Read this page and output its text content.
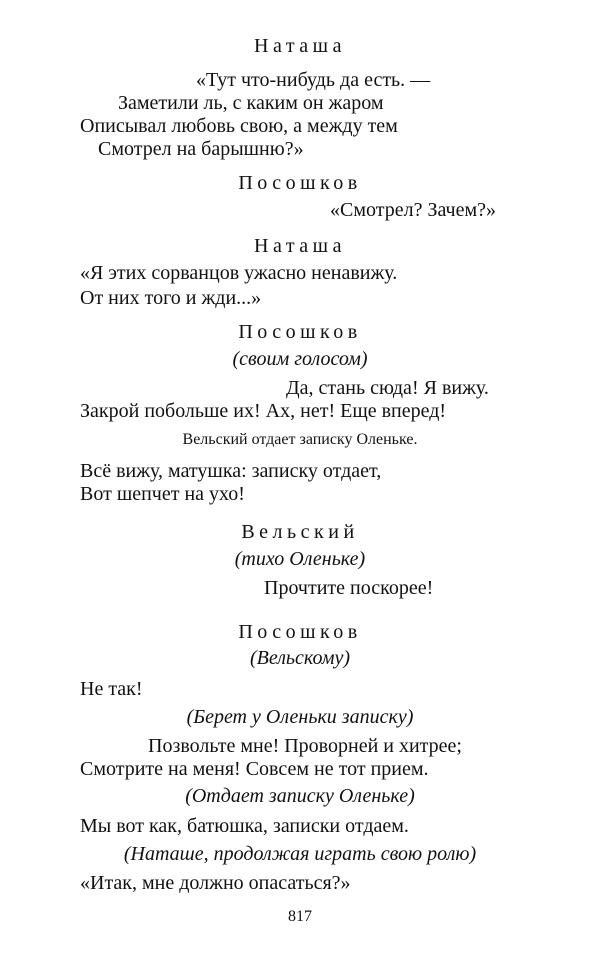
Наташа
«Тут что-нибудь да есть. —
Заметили ль, с каким он жаром
Описывал любовь свою, а между тем
Смотрел на барышню?»
Посошков
«Смотрел? Зачем?»
Наташа
«Я этих сорванцов ужасно ненавижу.
От них того и жди...»
Посошков
(своим голосом)
Да, стань сюда! Я вижу.
Закрой побольше их! Ах, нет! Еще вперед!
Вельский отдает записку Оленьке.
Всё вижу, матушка: записку отдает,
Вот шепчет на ухо!
Вельский
(тихо Оленьке)
Прочтите поскорее!
Посошков
(Вельскому)
Не так!
(Берет у Оленьки записку)
Позвольте мне! Проворней и хитрее;
Смотрите на меня! Совсем не тот прием.
(Отдает записку Оленьке)
Мы вот как, батюшка, записки отдаем.
(Наташе, продолжая играть свою ролю)
«Итак, мне должно опасаться?»
817
